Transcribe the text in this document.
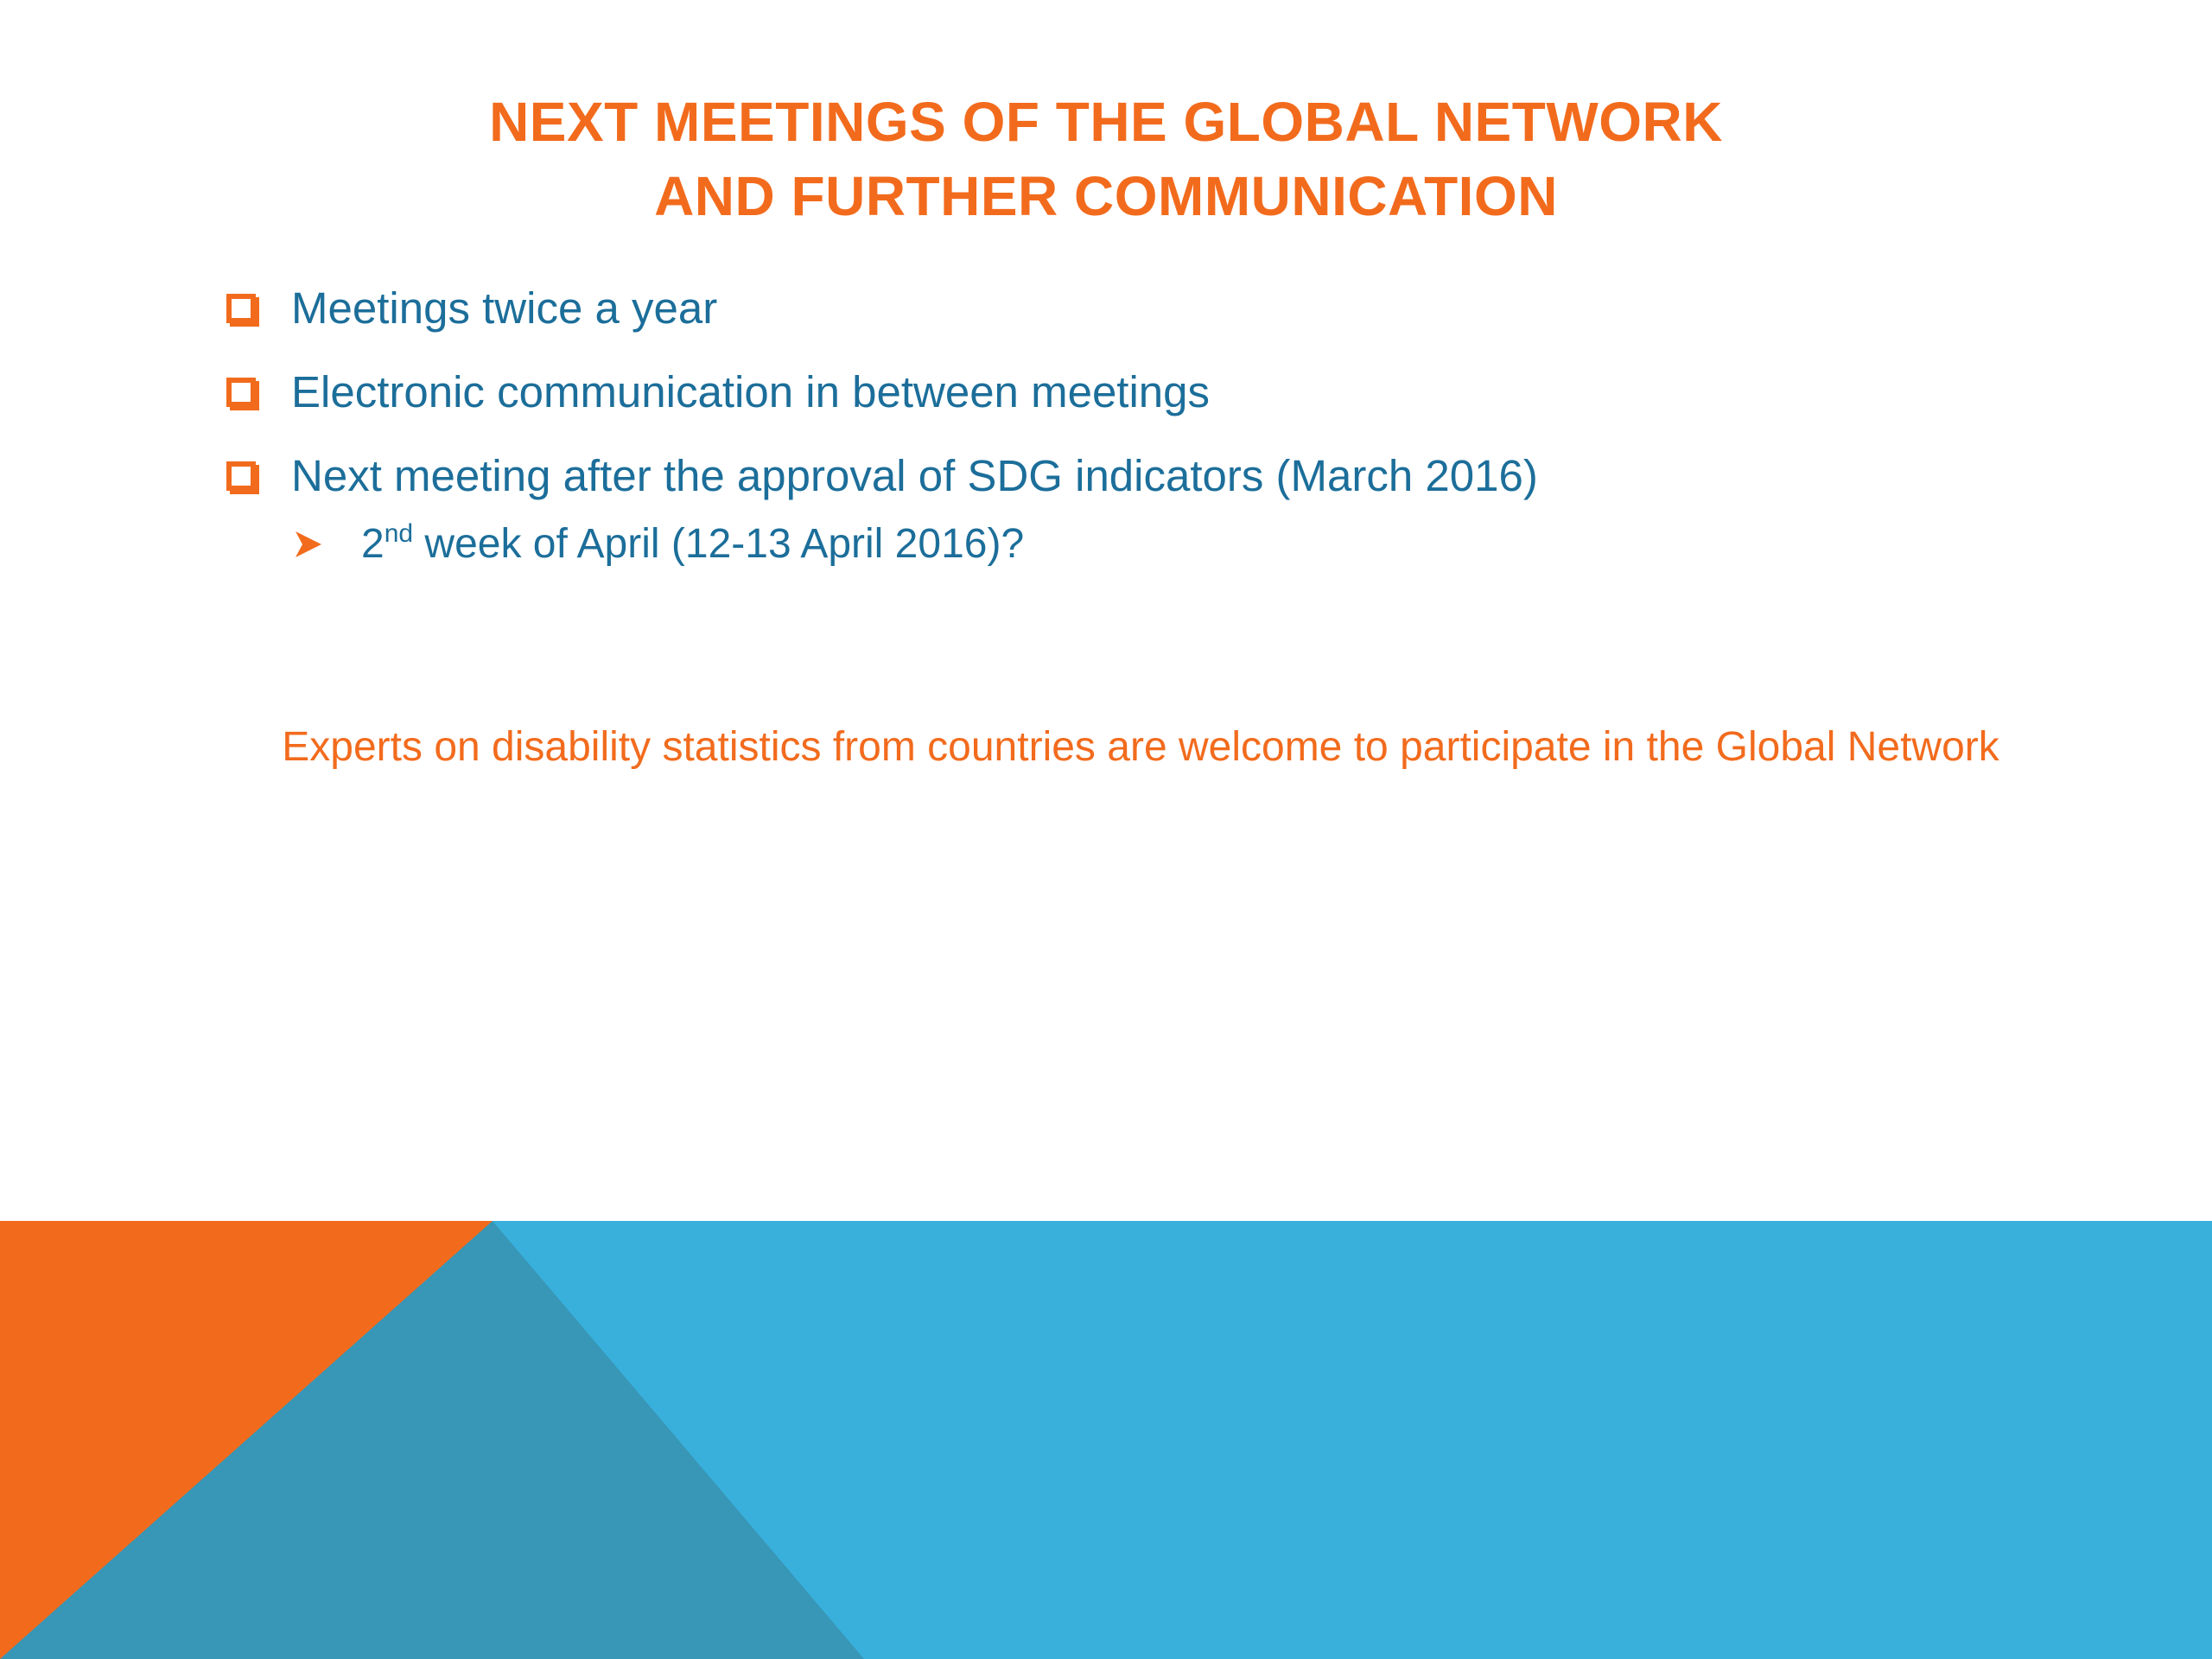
NEXT MEETINGS OF THE GLOBAL NETWORK
AND FURTHER COMMUNICATION
Meetings twice a year
Electronic communication in between meetings
Next meeting after the approval of SDG indicators (March 2016)
2nd week of April (12-13 April 2016)?
Experts on disability statistics from countries are welcome to participate in the Global Network
